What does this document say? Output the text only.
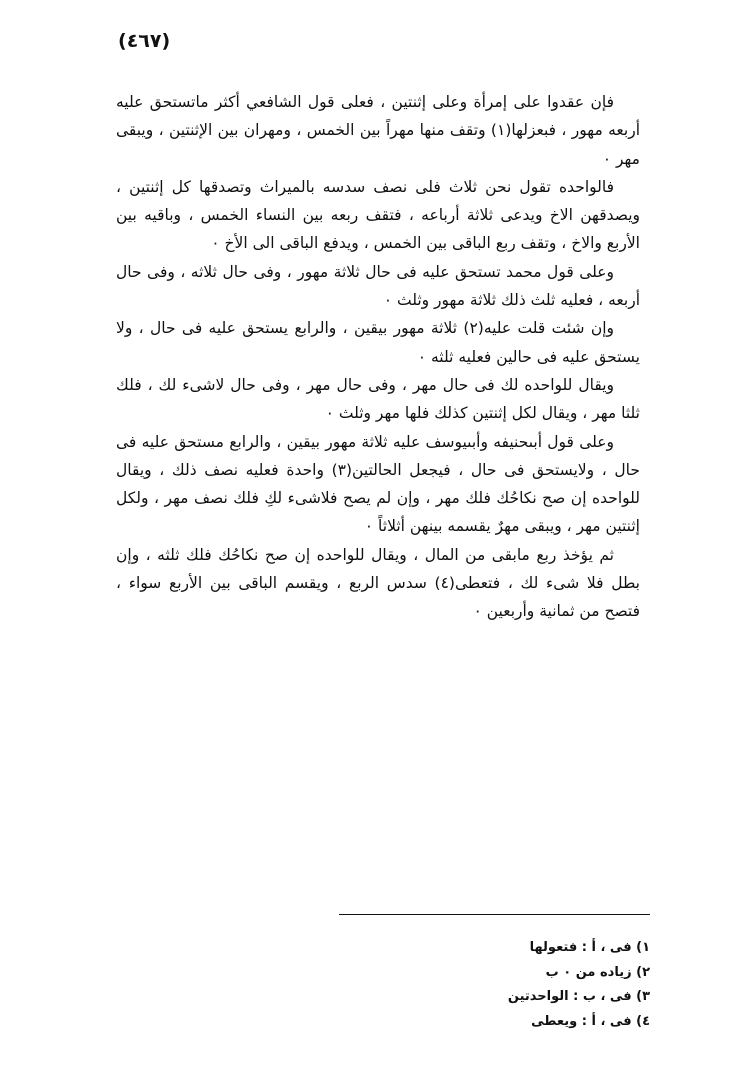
(٤٦٧)

فإن عقدوا على إمرأة وعلى إثنتين ، فعلى قول الشافعي أكثر ماتستحق عليه أربعه مهور ، فبعزلها(١) وتقف منها مهراً بين الخمس ، ومهران بين الإثنتين ، ويبقى مهر ٠

فالواحده تقول نحن ثلاث فلى نصف سدسه بالميراث وتصدقها كل إثنتين ، ويصدقهن الاخ ويدعى ثلاثة أرباعه ، فتقف ربعه بين النساء الخمس ، وباقيه بين الأربع والاخ ، وتقف ربع الباقى بين الخمس ، ويدفع الباقى الى الأخ ٠

وعلى قول محمد تستحق عليه فى حال ثلاثة مهور ، وفى حال ثلاثه ، وفى حال أربعه ، فعليه ثلث ذلك ثلاثة مهور وثلث ٠

وإن شئت قلت عليه(٢) ثلاثة مهور بيقين ، والرابع يستحق عليه فى حال ، ولا يستحق عليه فى حالين فعليه ثلثه ٠

ويقال للواحده لك فى حال مهر ، وفى حال مهر ، وفى حال لاشىء لك ، فلك ثلثا مهر ، ويقال لكل إثنتين كذلك فلها مهر وثلث ٠

وعلى قول أبىحنيفه وأبىيوسف عليه ثلاثة مهور بيقين ، والرابع مستحق عليه فى حال ، ولايستحق فى حال ، فيجعل الحالتين(٣) واحدة فعليه نصف ذلك ، ويقال للواحده إن صح نكاحُك فلك مهر ، وإن لم يصح فلاشىء لكِ فلك نصف مهر ، ولكل إثنتين مهر ، ويبقى مهرٌ يقسمه بينهن أثلاثاً ٠

ثم يؤخذ ربع مابقى من المال ، ويقال للواحده إن صح نكاحُك فلك ثلثه ، وإن بطل فلا شىء لك ، فتعطى(٤) سدس الربع ، ويقسم الباقى بين الأربع سواء ، فتصح من ثمانية وأربعين ٠

١) فى ، أ : فتعولها

٢) زياده من ٠ ب

٣) فى ، ب : الواحدتين

٤) فى ، أ : ويعطى
